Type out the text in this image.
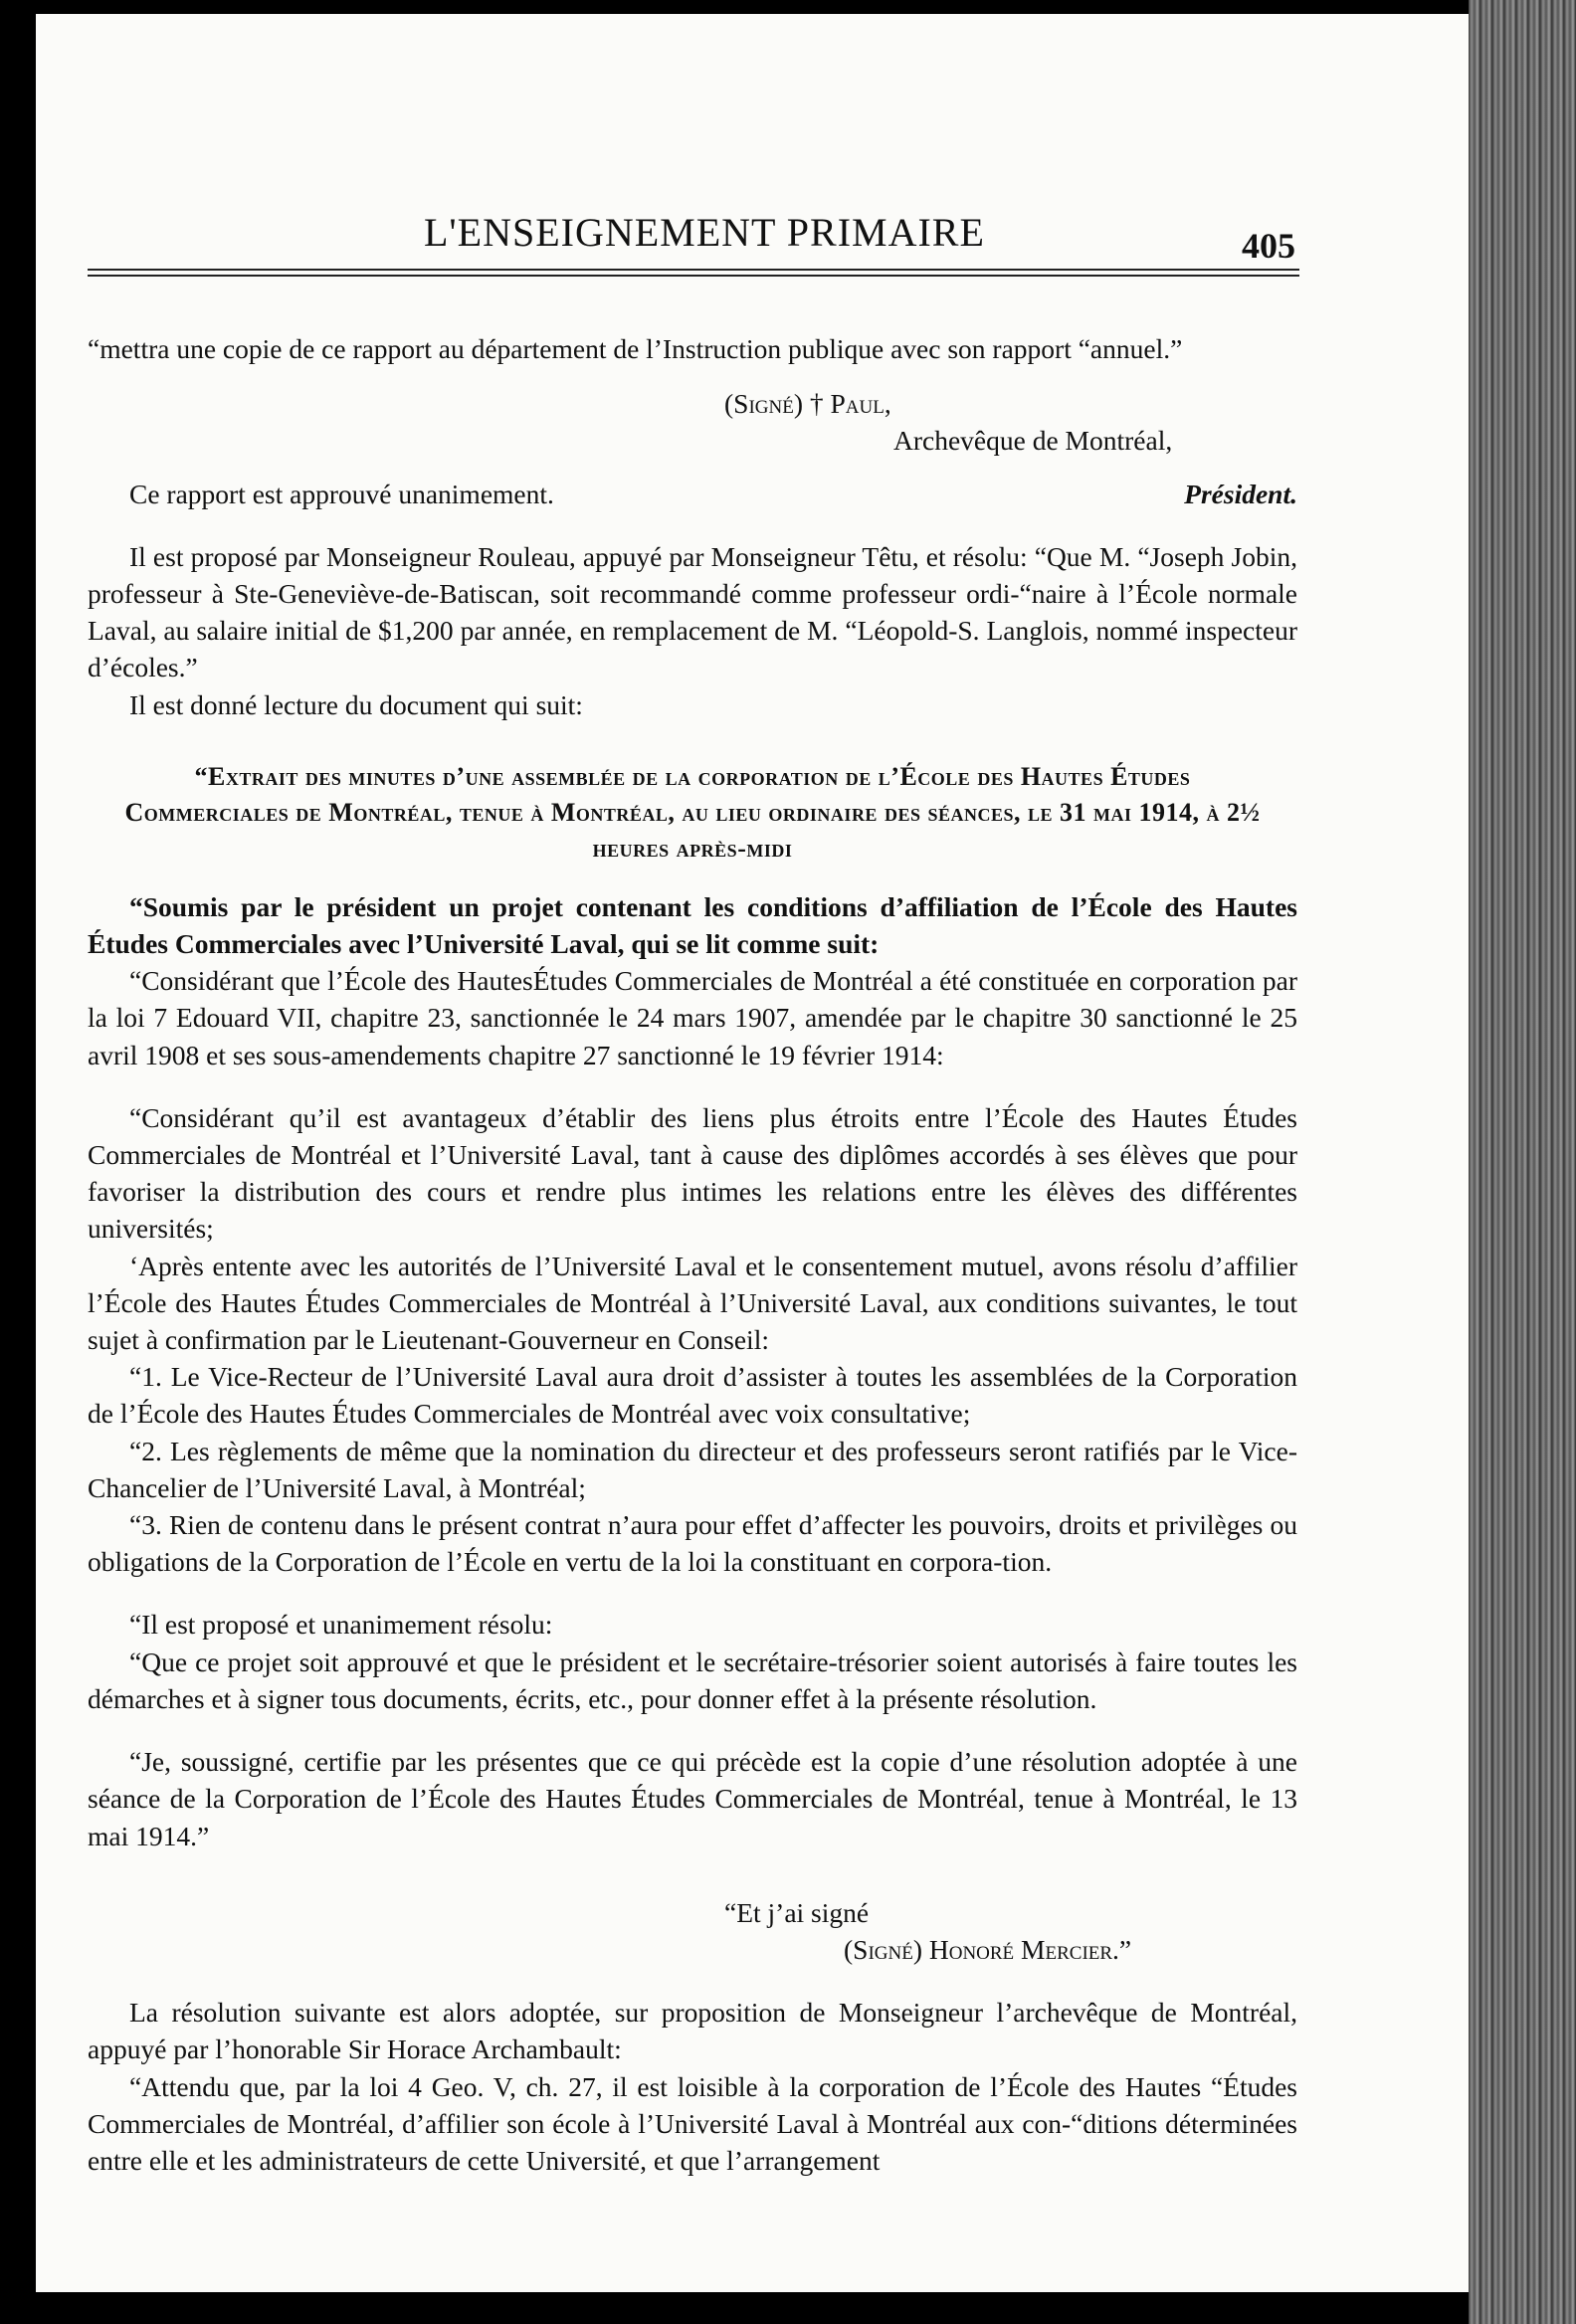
L'ENSEIGNEMENT PRIMAIRE	405

“mettra une copie de ce rapport au département de l’Instruction publique avec son rapport “annuel.”

(Signé) † Paul,

Archevêque de Montréal,

Ce rapport est approuvé unanimement.	Président.

Il est proposé par Monseigneur Rouleau, appuyé par Monseigneur Têtu, et résolu: “Que M. “Joseph Jobin, professeur à Ste-Geneviève-de-Batiscan, soit recommandé comme professeur ordi-“naire à l’École normale Laval, au salaire initial de $1,200 par année, en remplacement de M. “Léopold-S. Langlois, nommé inspecteur d’écoles.”

Il est donné lecture du document qui suit:

“Extrait des minutes d’une assemblée de la corporation de l’École des Hautes Études Commerciales de Montréal, tenue à Montréal, au lieu ordinaire des séances, le 31 mai 1914, à 2½ heures après-midi

“Soumis par le président un projet contenant les conditions d’affiliation de l’École des Hautes Études Commerciales avec l’Université Laval, qui se lit comme suit:

“Considérant que l’École des HautesÉtudes Commerciales de Montréal a été constituée en corporation par la loi 7 Edouard VII, chapitre 23, sanctionnée le 24 mars 1907, amendée par le chapitre 30 sanctionné le 25 avril 1908 et ses sous-amendements chapitre 27 sanctionné le 19 février 1914:

“Considérant qu’il est avantageux d’établir des liens plus étroits entre l’École des Hautes Études Commerciales de Montréal et l’Université Laval, tant à cause des diplômes accordés à ses élèves que pour favoriser la distribution des cours et rendre plus intimes les relations entre les élèves des différentes universités;

‘Après entente avec les autorités de l’Université Laval et le consentement mutuel, avons résolu d’affilier l’École des Hautes Études Commerciales de Montréal à l’Université Laval, aux conditions suivantes, le tout sujet à confirmation par le Lieutenant-Gouverneur en Conseil:

“1. Le Vice-Recteur de l’Université Laval aura droit d’assister à toutes les assemblées de la Corporation de l’École des Hautes Études Commerciales de Montréal avec voix consultative;

“2. Les règlements de même que la nomination du directeur et des professeurs seront ratifiés par le Vice-Chancelier de l’Université Laval, à Montréal;

“3. Rien de contenu dans le présent contrat n’aura pour effet d’affecter les pouvoirs, droits et privilèges ou obligations de la Corporation de l’École en vertu de la loi la constituant en corpora-tion.

“Il est proposé et unanimement résolu:

“Que ce projet soit approuvé et que le président et le secrétaire-trésorier soient autorisés à faire toutes les démarches et à signer tous documents, écrits, etc., pour donner effet à la présente résolution.

“Je, soussigné, certifie par les présentes que ce qui précède est la copie d’une résolution adoptée à une séance de la Corporation de l’École des Hautes Études Commerciales de Montréal, tenue à Montréal, le 13 mai 1914.”

“Et j’ai signé

(Signé) Honoré Mercier.”

La résolution suivante est alors adoptée, sur proposition de Monseigneur l’archevêque de Montréal, appuyé par l’honorable Sir Horace Archambault:

“Attendu que, par la loi 4 Geo. V, ch. 27, il est loisible à la corporation de l’École des Hautes “Études Commerciales de Montréal, d’affilier son école à l’Université Laval à Montréal aux con-“ditions déterminées entre elle et les administrateurs de cette Université, et que l’arrangement
